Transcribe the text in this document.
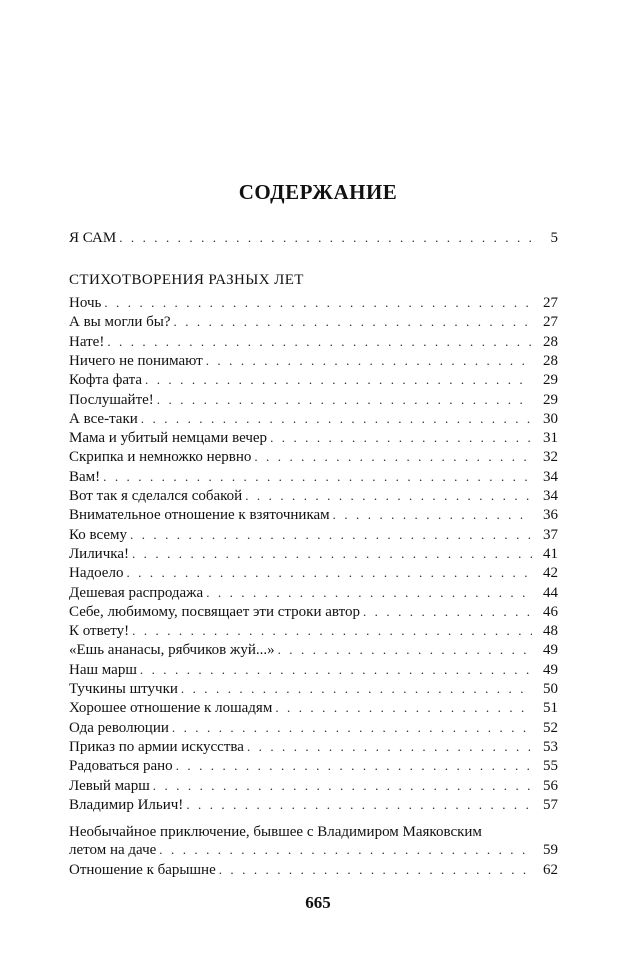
СОДЕРЖАНИЕ
Я САМ . . .	5
СТИХОТВОРЕНИЯ РАЗНЫХ ЛЕТ
Ночь . . .	27
А вы могли бы? . . .	27
Нате! . . .	28
Ничего не понимают . . .	28
Кофта фата . . .	29
Послушайте! . . .	29
А все-таки . . .	30
Мама и убитый немцами вечер . . .	31
Скрипка и немножко нервно . . .	32
Вам! . . .	34
Вот так я сделался собакой . . .	34
Внимательное отношение к взяточникам . . .	36
Ко всему . . .	37
Лиличка! . . .	41
Надоело . . .	42
Дешевая распродажа . . .	44
Себе, любимому, посвящает эти строки автор . . .	46
К ответу! . . .	48
«Ешь ананасы, рябчиков жуй...» . . .	49
Наш марш . . .	49
Тучкины штучки . . .	50
Хорошее отношение к лошадям . . .	51
Ода революции . . .	52
Приказ по армии искусства . . .	53
Радоваться рано . . .	55
Левый марш . . .	56
Владимир Ильич! . . .	57
Необычайное приключение, бывшее с Владимиром Маяковским
летом на даче . . .	59
Отношение к барышне . . .	62
665
